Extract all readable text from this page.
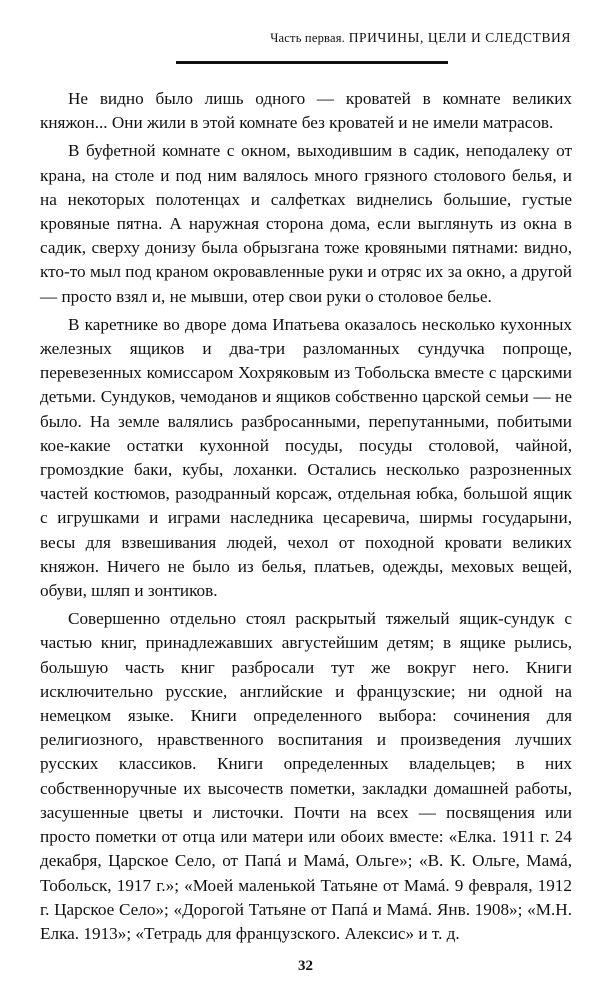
Часть первая. ПРИЧИНЫ, ЦЕЛИ И СЛЕДСТВИЯ

Не видно было лишь одного — кроватей в комнате великих княжон... Они жили в этой комнате без кроватей и не имели матрасов.

В буфетной комнате с окном, выходившим в садик, неподалеку от крана, на столе и под ним валялось много грязного столового белья, и на некоторых полотенцах и салфетках виднелись большие, густые кровяные пятна. А наружная сторона дома, если выглянуть из окна в садик, сверху донизу была обрызгана тоже кровяными пятнами: видно, кто-то мыл под краном окровавленные руки и отряс их за окно, а другой — просто взял и, не мывши, отер свои руки о столовое белье.

В каретнике во дворе дома Ипатьева оказалось несколько кухонных железных ящиков и два-три разломанных сундучка попроще, перевезенных комиссаром Хохряковым из Тобольска вместе с царскими детьми. Сундуков, чемоданов и ящиков собственно царской семьи — не было. На земле валялись разбросанными, перепутанными, побитыми кое-какие остатки кухонной посуды, посуды столовой, чайной, громоздкие баки, кубы, лоханки. Остались несколько разрозненных частей костюмов, разодранный корсаж, отдельная юбка, большой ящик с игрушками и играми наследника цесаревича, ширмы государыни, весы для взвешивания людей, чехол от походной кровати великих княжон. Ничего не было из белья, платьев, одежды, меховых вещей, обуви, шляп и зонтиков.

Совершенно отдельно стоял раскрытый тяжелый ящик-сундук с частью книг, принадлежавших августейшим детям; в ящике рылись, большую часть книг разбросали тут же вокруг него. Книги исключительно русские, английские и французские; ни одной на немецком языке. Книги определенного выбора: сочинения для религиозного, нравственного воспитания и произведения лучших русских классиков. Книги определенных владельцев; в них собственноручные их высочеств пометки, закладки домашней работы, засушенные цветы и листочки. Почти на всех — посвящения или просто пометки от отца или матери или обоих вместе: «Елка. 1911 г. 24 декабря, Царское Село, от Папá и Мамá, Ольге»; «В. К. Ольге, Мамá, Тобольск, 1917 г.»; «Моей маленькой Татьяне от Мамá. 9 февраля, 1912 г. Царское Село»; «Дорогой Татьяне от Папá и Мамá. Янв. 1908»; «М.Н. Елка. 1913»; «Тетрадь для французского. Алексис» и т. д.

32
